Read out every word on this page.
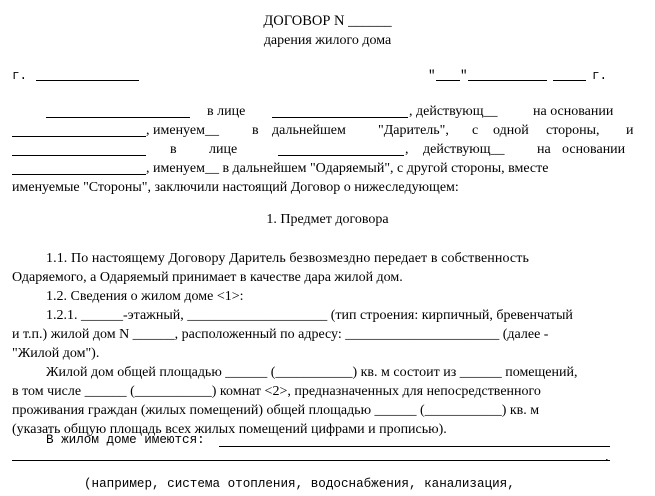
ДОГОВОР N ______
дарения жилого дома
г.	" "	г.
в лице	, действующ__	на основании
, именуем__ в дальнейшем "Даритель", с одной стороны, и
в лице	, действующ__ на основании
, именуем__ в дальнейшем "Одаряемый", с другой стороны, вместе
именуемые "Стороны", заключили настоящий Договор о нижеследующем:
1. Предмет договора
1.1. По настоящему Договору Даритель безвозмездно передает в собственность
Одаряемого, а Одаряемый принимает в качестве дара жилой дом.
1.2. Сведения о жилом доме <1>:
1.2.1. ______-этажный, ____________________ (тип строения: кирпичный, бревенчатый
и т.п.) жилой дом N ______, расположенный по адресу: ______________________ (далее -
"Жилой дом").
Жилой дом общей площадью ______ (___________) кв. м состоит из ______ помещений,
в том числе ______ (___________) комнат <2>, предназначенных для непосредственного
проживания граждан (жилых помещений) общей площадью ______ (___________) кв. м
(указать общую площадь всех жилых помещений цифрами и прописью).
В жилом доме имеются:
.
(например, система отопления, водоснабжения, канализация,
